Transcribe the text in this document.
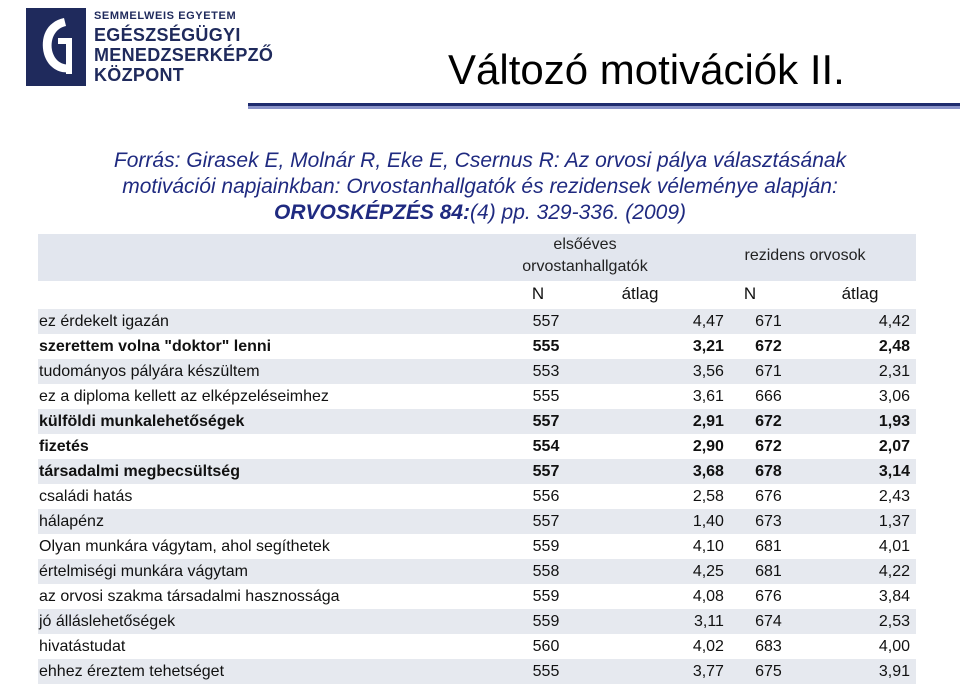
SEMMELWEIS EGYETEM
EGÉSZSÉGÜGYI
MENEDZSERKÉPZŐ
KÖZPONT	Változó motivációk II.
Forrás: Girasek E, Molnár R, Eke E, Csernus R: Az orvosi pálya választásának
motivációi napjainkban: Orvostanhallgatók és rezidensek véleménye alapján:
ORVOSKÉPZÉS 84:(4) pp. 329-336. (2009)
elsőéves
orvostanhallgatók
rezidens orvosok
N	átlag	N	átlag
ez érdekelt igazán	557	4,47	671	4,42
szerettem volna "doktor" lenni	555	3,21	672	2,48
tudományos pályára készültem	553	3,56	671	2,31
ez a diploma kellett az elképzeléseimhez	555	3,61	666	3,06
külföldi munkalehetőségek	557	2,91	672	1,93
fizetés	554	2,90	672	2,07
társadalmi megbecsültség	557	3,68	678	3,14
családi hatás	556	2,58	676	2,43
hálapénz	557	1,40	673	1,37
Olyan munkára vágytam, ahol segíthetek	559	4,10	681	4,01
értelmiségi munkára vágytam	558	4,25	681	4,22
az orvosi szakma társadalmi hasznossága	559	4,08	676	3,84
jó álláslehetőségek	559	3,11	674	2,53
hivatástudat	560	4,02	683	4,00
ehhez éreztem tehetséget	555	3,77	675	3,91
